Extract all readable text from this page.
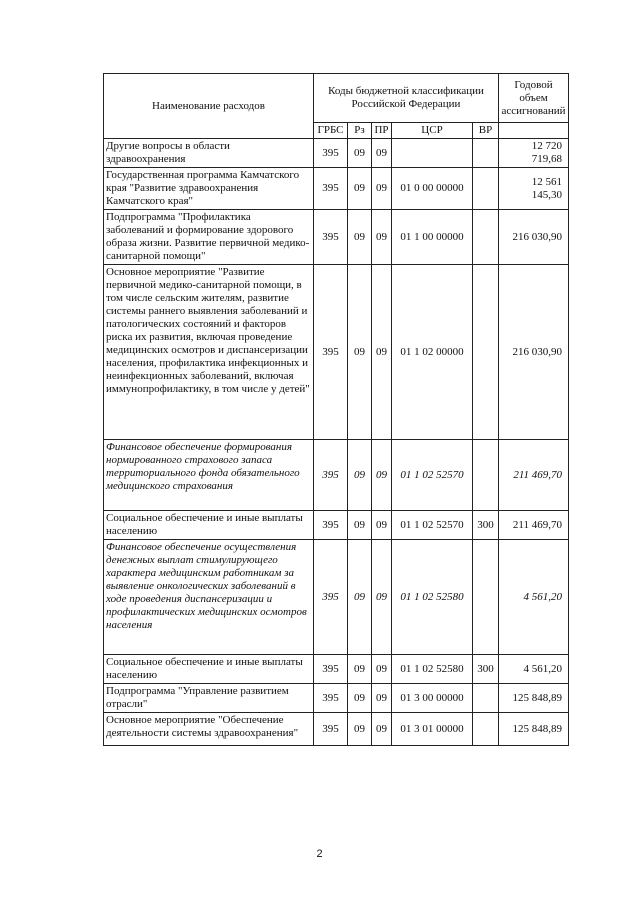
Наименование расходов	Коды бюджетной классификации Российской Федерации					Годовой объем ассигнований
	ГРБС	Рз	ПР	ЦСР	ВР	
Другие вопросы в области здравоохранения	395	09	09			12 720 719,68
Государственная программа Камчатского края "Развитие здравоохранения Камчатского края"	395	09	09	01 0 00 00000		12 561 145,30
Подпрограмма "Профилактика заболеваний и формирование здорового образа жизни. Развитие первичной медико-санитарной помощи"	395	09	09	01 1 00 00000		216 030,90
Основное мероприятие "Развитие первичной медико-санитарной помощи, в том числе сельским жителям, развитие системы раннего выявления заболеваний и патологических состояний и факторов риска их развития, включая проведение медицинских осмотров и диспансеризации населения, профилактика инфекционных и неинфекционных заболеваний, включая иммунопрофилактику, в том числе у детей"	395	09	09	01 1 02 00000		216 030,90
Финансовое обеспечение формирования нормированного страхового запаса территориального фонда обязательного медицинского страхования	395	09	09	01 1 02 52570		211 469,70
Социальное обеспечение и иные выплаты населению	395	09	09	01 1 02 52570	300	211 469,70
Финансовое обеспечение осуществления денежных выплат стимулирующего характера медицинским работникам за выявление онкологических заболеваний в ходе проведения диспансеризации и профилактических медицинских осмотров населения	395	09	09	01 1 02 52580		4 561,20
Социальное обеспечение и иные выплаты населению	395	09	09	01 1 02 52580	300	4 561,20
Подпрограмма "Управление развитием отрасли"	395	09	09	01 3 00 00000		125 848,89
Основное мероприятие "Обеспечение деятельности системы здравоохранения"	395	09	09	01 3 01 00000		125 848,89
2
